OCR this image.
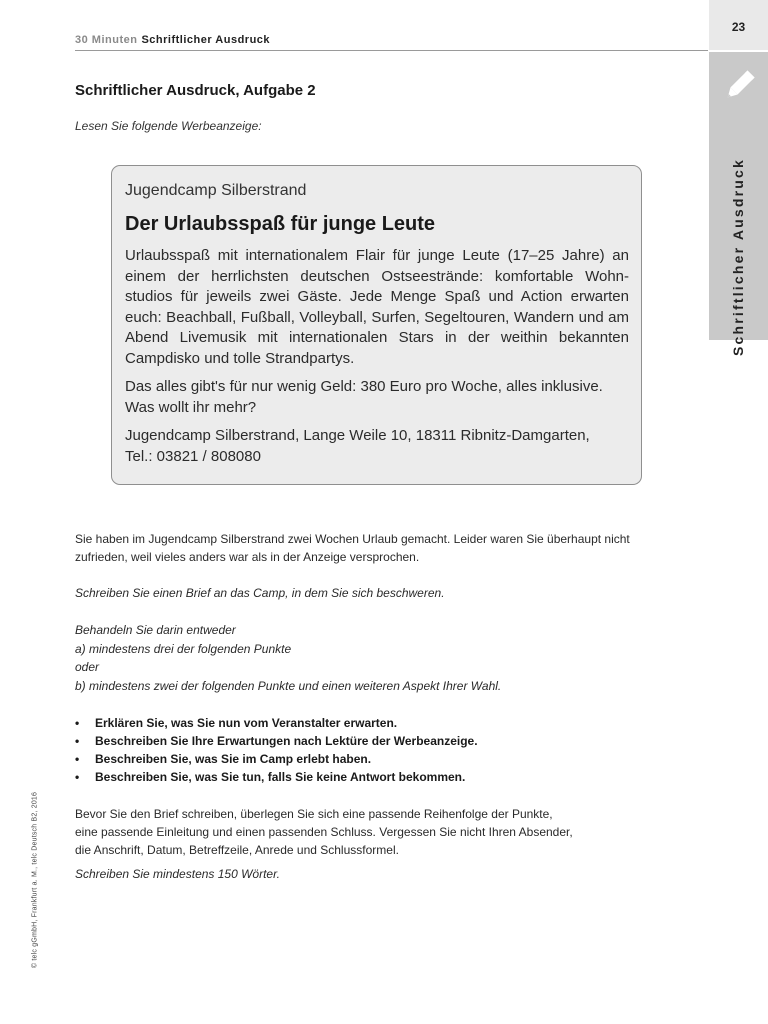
30 Minuten Schriftlicher Ausdruck
23
Schriftlicher Ausdruck
Schriftlicher Ausdruck, Aufgabe 2
Lesen Sie folgende Werbeanzeige:
Jugendcamp Silberstrand
Der Urlaubsspaß für junge Leute
Urlaubsspaß mit internationalem Flair für junge Leute (17–25 Jahre) an einem der herrlichsten deutschen Ostseestrände: komfortable Wohn-studios für jeweils zwei Gäste. Jede Menge Spaß und Action erwarten euch: Beachball, Fußball, Volleyball, Surfen, Segeltouren, Wandern und am Abend Livemusik mit internationalen Stars in der weithin bekannten Campdisko und tolle Strandpartys.
Das alles gibt's für nur wenig Geld: 380 Euro pro Woche, alles inklusive.
Was wollt ihr mehr?
Jugendcamp Silberstrand, Lange Weile 10, 18311 Ribnitz-Damgarten,
Tel.: 03821 / 808080
Sie haben im Jugendcamp Silberstrand zwei Wochen Urlaub gemacht. Leider waren Sie überhaupt nicht
zufrieden, weil vieles anders war als in der Anzeige versprochen.
Schreiben Sie einen Brief an das Camp, in dem Sie sich beschweren.
Behandeln Sie darin entweder
a) mindestens drei der folgenden Punkte
oder
b) mindestens zwei der folgenden Punkte und einen weiteren Aspekt Ihrer Wahl.
• Erklären Sie, was Sie nun vom Veranstalter erwarten.
• Beschreiben Sie Ihre Erwartungen nach Lektüre der Werbeanzeige.
• Beschreiben Sie, was Sie im Camp erlebt haben.
• Beschreiben Sie, was Sie tun, falls Sie keine Antwort bekommen.
Bevor Sie den Brief schreiben, überlegen Sie sich eine passende Reihenfolge der Punkte,
eine passende Einleitung und einen passenden Schluss. Vergessen Sie nicht Ihren Absender,
die Anschrift, Datum, Betreffzeile, Anrede und Schlussformel.
Schreiben Sie mindestens 150 Wörter.
© telc gGmbH, Frankfurt a. M., telc Deutsch B2, 2016
